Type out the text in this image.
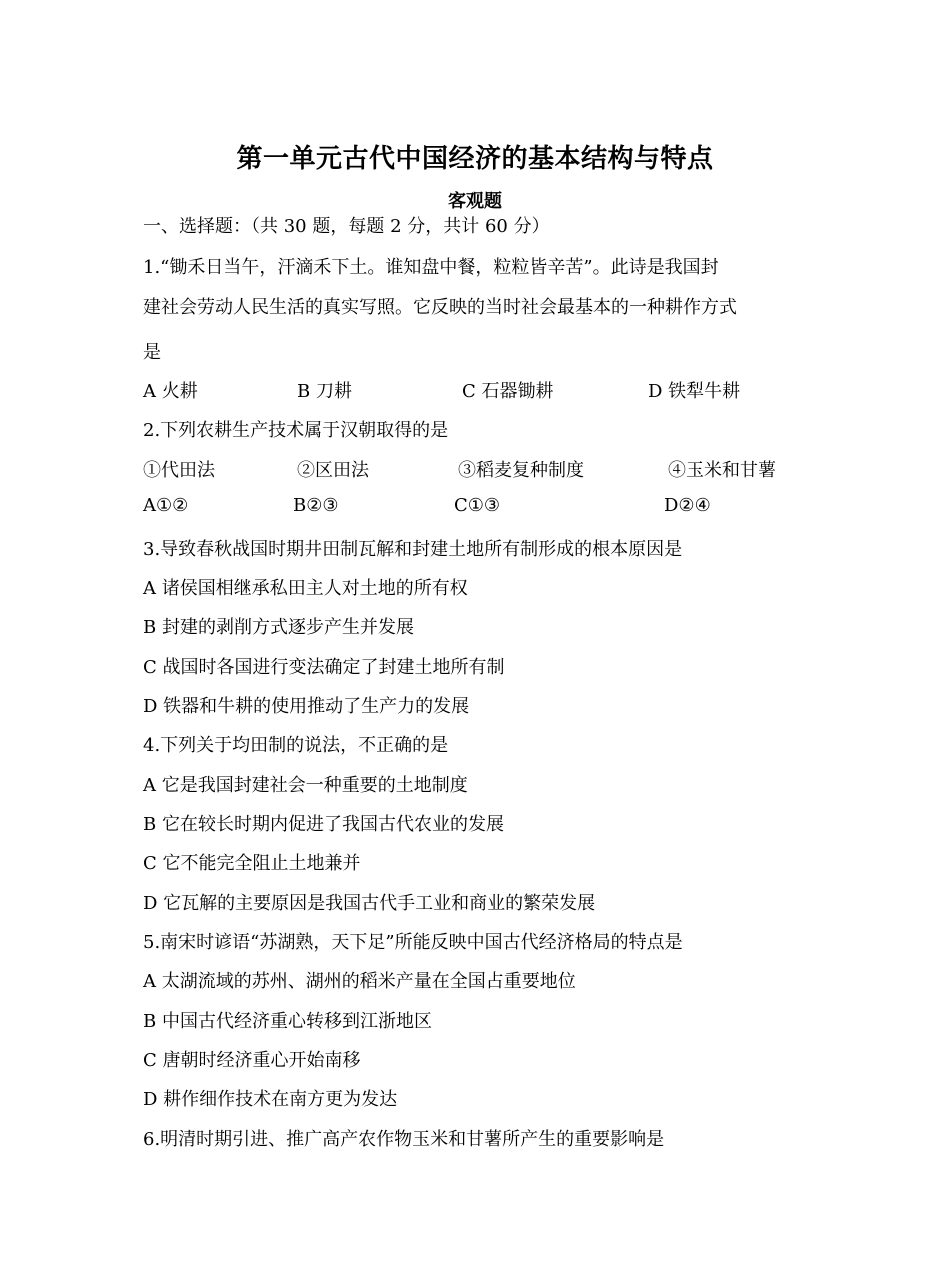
第一单元古代中国经济的基本结构与特点
客观题
一、选择题：（共 30 题，每题 2 分，共计 60 分）
1.“锄禾日当午，汗滴禾下土。谁知盘中餐，粒粒皆辛苦”。此诗是我国封
建社会劳动人民生活的真实写照。它反映的当时社会最基本的一种耕作方式
是
A 火耕	B 刀耕	C 石器锄耕	D 铁犁牛耕
2.下列农耕生产技术属于汉朝取得的是
①代田法	②区田法	③稻麦复种制度	④玉米和甘薯
A①②	B②③	C①③	D②④
3.导致春秋战国时期井田制瓦解和封建土地所有制形成的根本原因是
A 诸侯国相继承私田主人对土地的所有权
B 封建的剥削方式逐步产生并发展
C 战国时各国进行变法确定了封建土地所有制
D 铁器和牛耕的使用推动了生产力的发展
4.下列关于均田制的说法，不正确的是
A 它是我国封建社会一种重要的土地制度
B 它在较长时期内促进了我国古代农业的发展
C 它不能完全阻止土地兼并
D 它瓦解的主要原因是我国古代手工业和商业的繁荣发展
5.南宋时谚语“苏湖熟，天下足”所能反映中国古代经济格局的特点是
A 太湖流域的苏州、湖州的稻米产量在全国占重要地位
B 中国古代经济重心转移到江浙地区
C 唐朝时经济重心开始南移
D 耕作细作技术在南方更为发达
6.明清时期引进、推广高产农作物玉米和甘薯所产生的重要影响是
